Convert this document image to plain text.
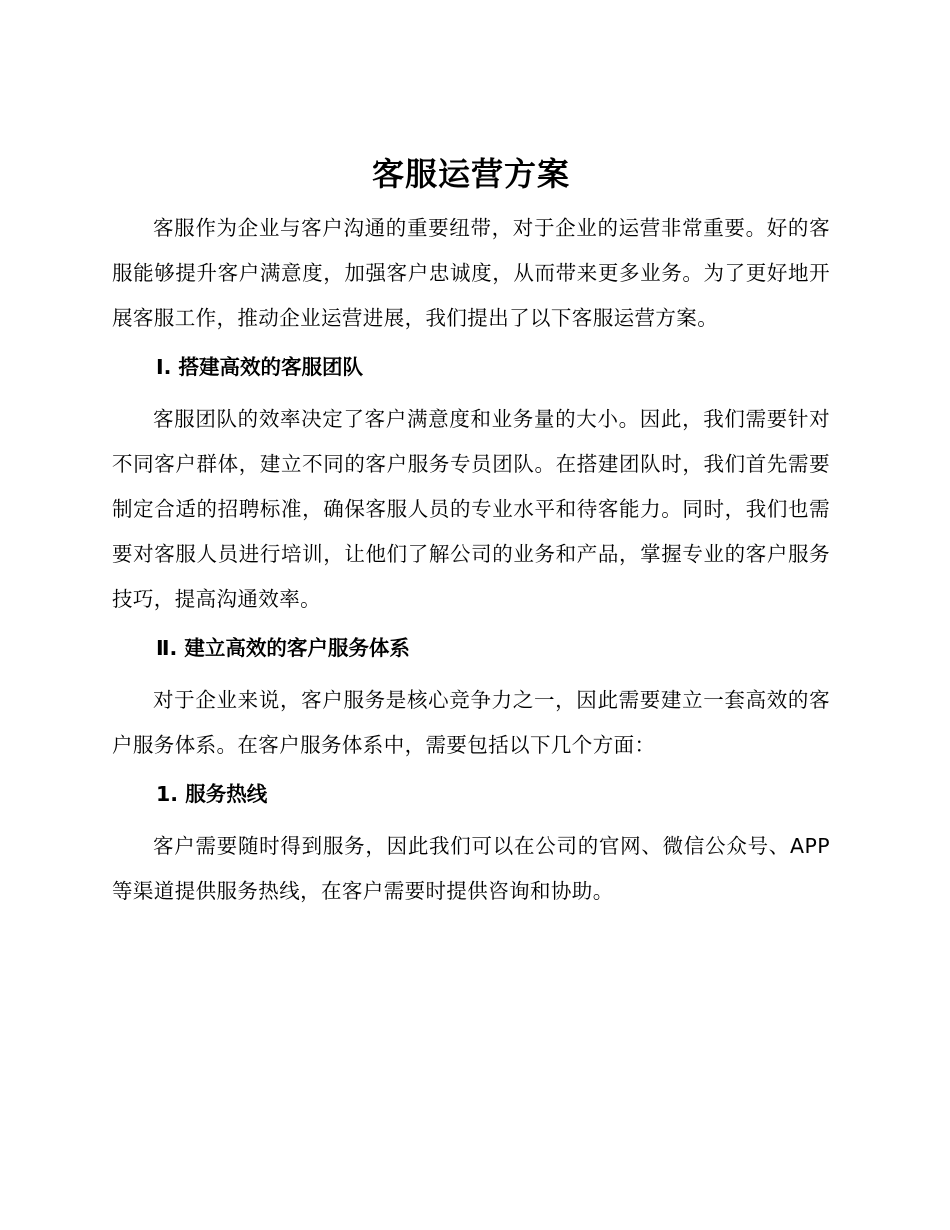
客服运营方案

客服作为企业与客户沟通的重要纽带，对于企业的运营非常重要。好的客服能够提升客户满意度，加强客户忠诚度，从而带来更多业务。为了更好地开展客服工作，推动企业运营进展，我们提出了以下客服运营方案。

Ⅰ. 搭建高效的客服团队

客服团队的效率决定了客户满意度和业务量的大小。因此，我们需要针对不同客户群体，建立不同的客户服务专员团队。在搭建团队时，我们首先需要制定合适的招聘标准，确保客服人员的专业水平和待客能力。同时，我们也需要对客服人员进行培训，让他们了解公司的业务和产品，掌握专业的客户服务技巧，提高沟通效率。

Ⅱ. 建立高效的客户服务体系

对于企业来说，客户服务是核心竞争力之一，因此需要建立一套高效的客户服务体系。在客户服务体系中，需要包括以下几个方面：

1. 服务热线

客户需要随时得到服务，因此我们可以在公司的官网、微信公众号、APP 等渠道提供服务热线，在客户需要时提供咨询和协助。
